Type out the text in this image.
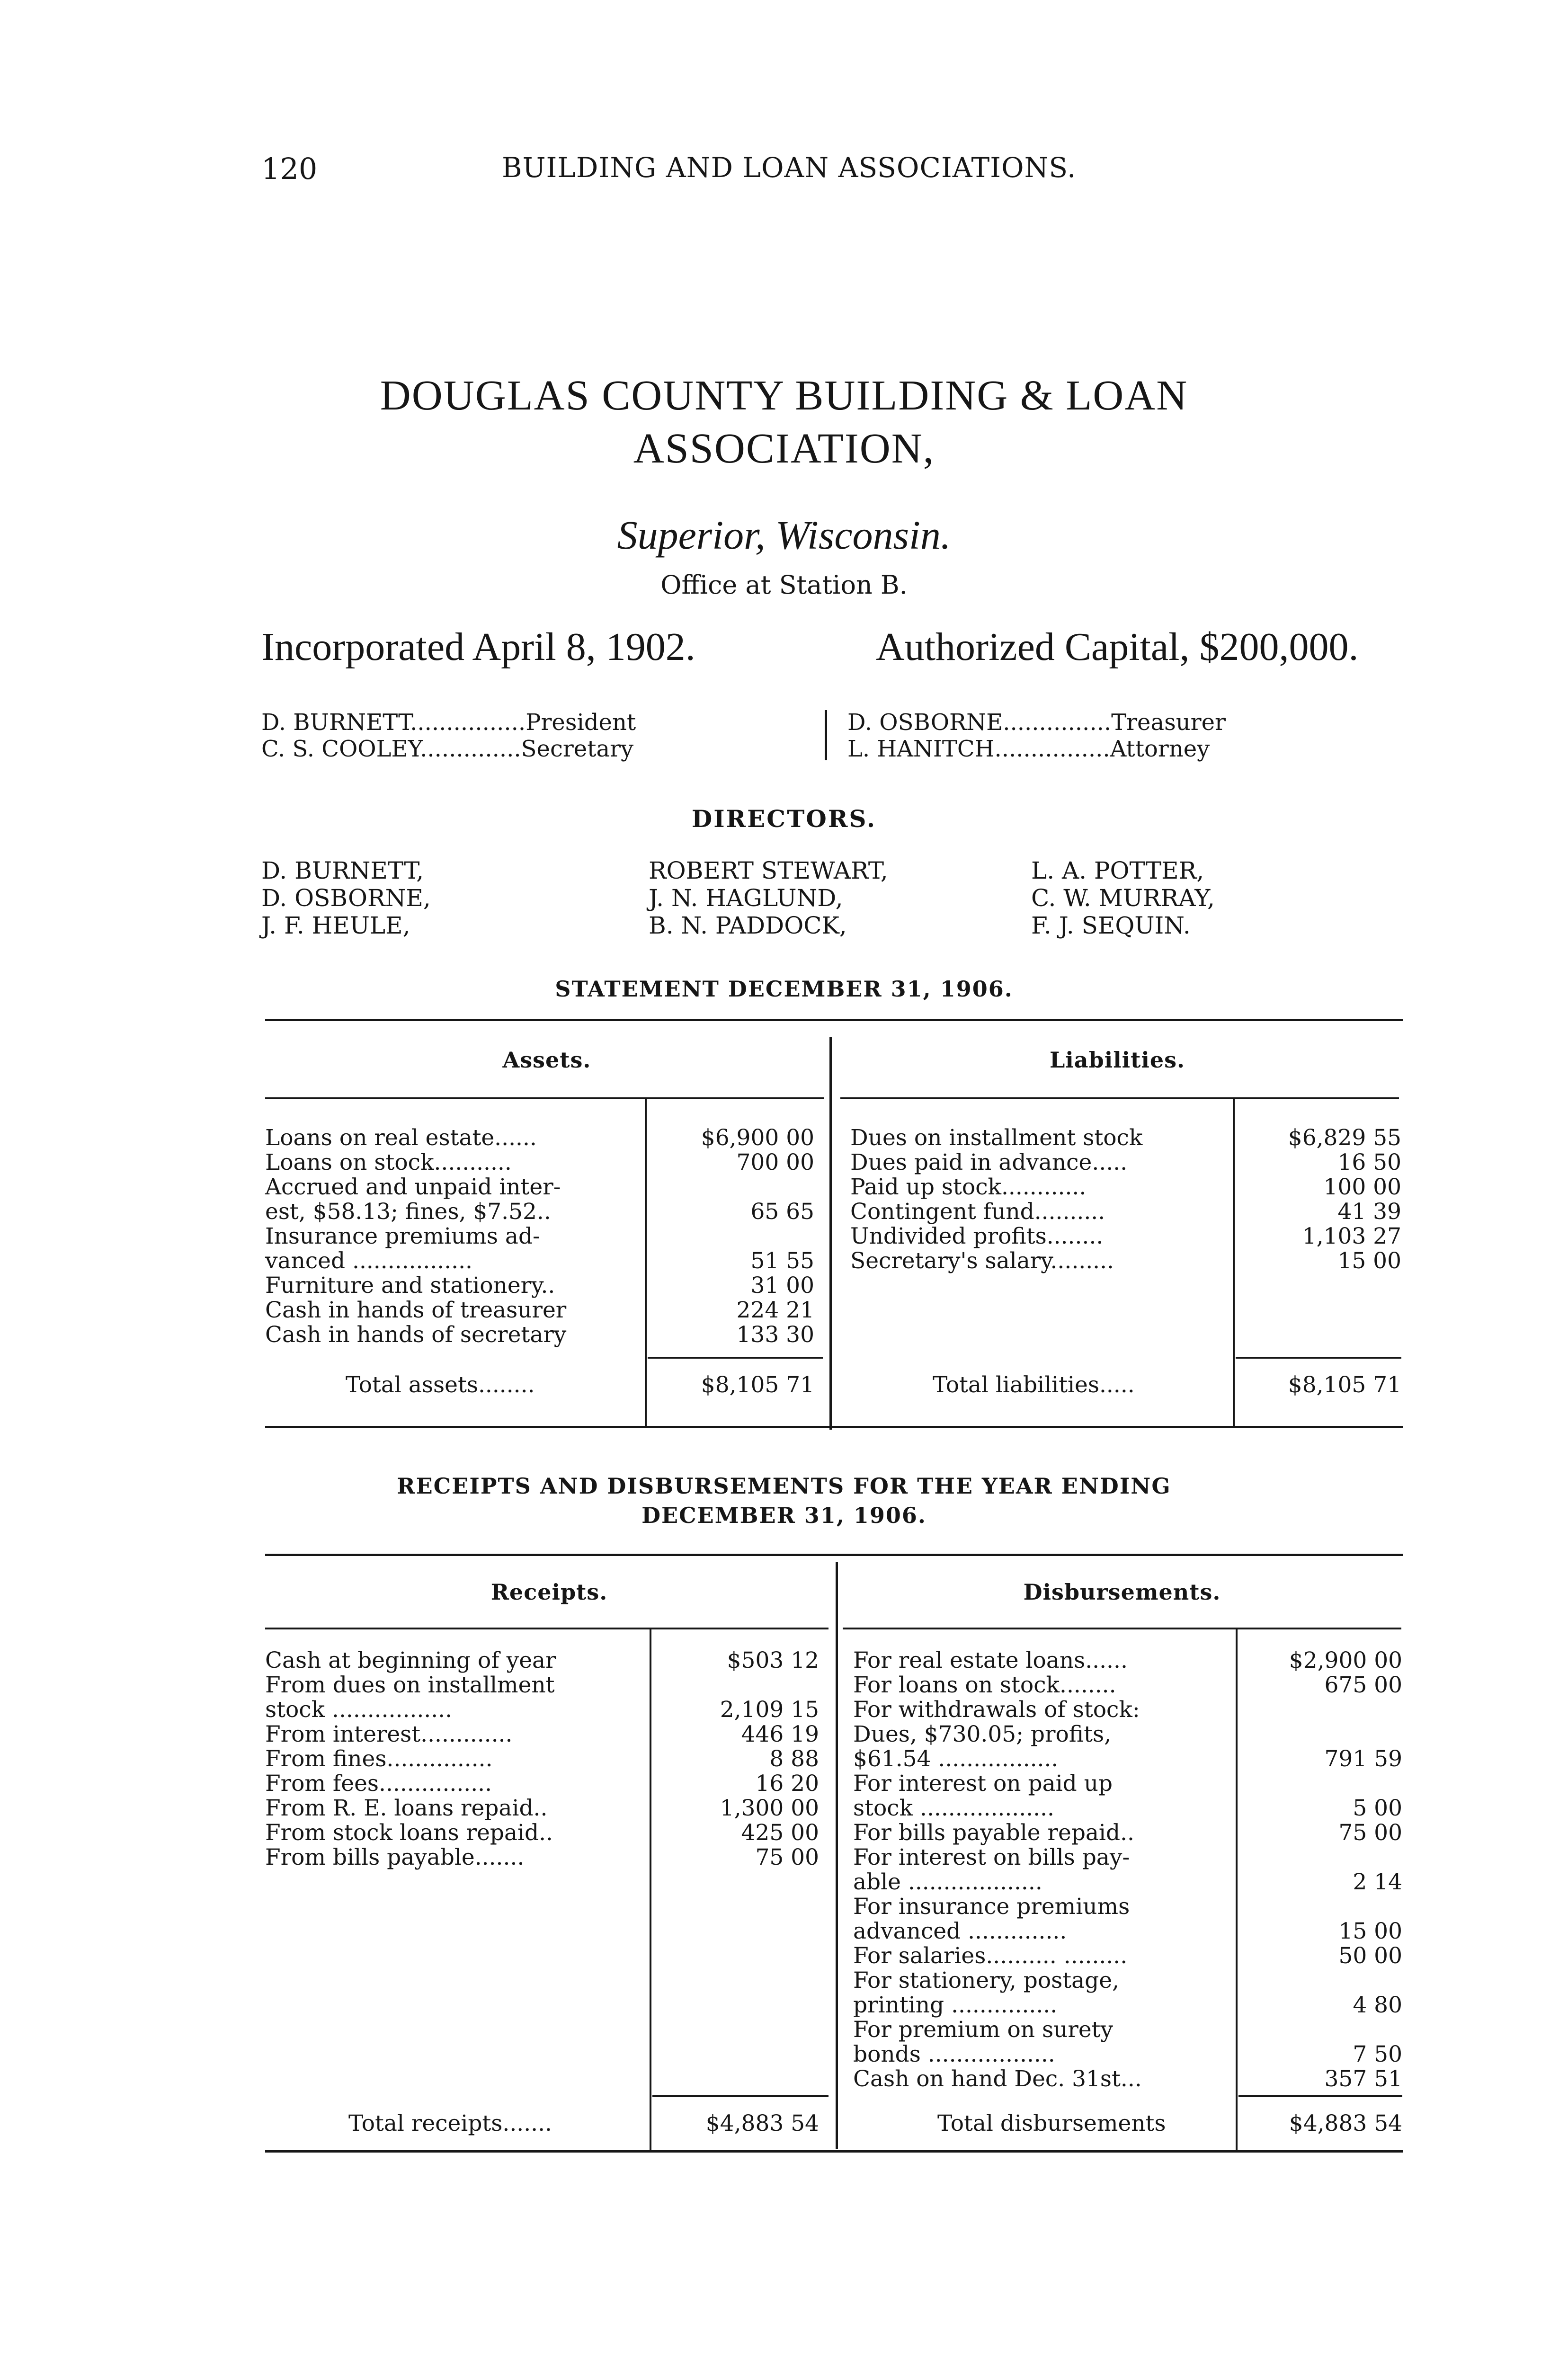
120	BUILDING AND LOAN ASSOCIATIONS.
DOUGLAS COUNTY BUILDING & LOAN
ASSOCIATION,
Superior, Wisconsin.
Office at Station B.
Incorporated April 8, 1902.	Authorized Capital, $200,000.
D. BURNETT................President
C. S. COOLEY..............Secretary
D. OSBORNE...............Treasurer
L. HANITCH................Attorney
DIRECTORS.
D. BURNETT,
D. OSBORNE,
J. F. HEULE,
ROBERT STEWART,
J. N. HAGLUND,
B. N. PADDOCK,
L. A. POTTER,
C. W. MURRAY,
F. J. SEQUIN.
STATEMENT DECEMBER 31, 1906.
Assets.	Liabilities.
Loans on real estate......	$6,900 00
Loans on stock...........	700 00
Accrued and unpaid inter-
est, $58.13; fines, $7.52..	65 65
Insurance premiums ad-
vanced .................	51 55
Furniture and stationery..	31 00
Cash in hands of treasurer	224 21
Cash in hands of secretary	133 30
Total assets........	$8,105 71
Dues on installment stock	$6,829 55
Dues paid in advance.....	16 50
Paid up stock............	100 00
Contingent fund..........	41 39
Undivided profits........	1,103 27
Secretary's salary.........	15 00
Total liabilities.....	$8,105 71
RECEIPTS AND DISBURSEMENTS FOR THE YEAR ENDING
DECEMBER 31, 1906.
Receipts.	Disbursements.
Cash at beginning of year	$503 12
From dues on installment
stock .................	2,109 15
From interest.............	446 19
From fines...............	8 88
From fees................	16 20
From R. E. loans repaid..	1,300 00
From stock loans repaid..	425 00
From bills payable.......	75 00
Total receipts.......	$4,883 54
For real estate loans......	$2,900 00
For loans on stock........	675 00
For withdrawals of stock:
Dues, $730.05; profits,
$61.54 .................	791 59
For interest on paid up
stock ...................	5 00
For bills payable repaid..	75 00
For interest on bills pay-
able ...................	2 14
For insurance premiums
advanced ..............	15 00
For salaries.......... .........	50 00
For stationery, postage,
printing ...............	4 80
For premium on surety
bonds ..................	7 50
Cash on hand Dec. 31st...	357 51
Total disbursements	$4,883 54
